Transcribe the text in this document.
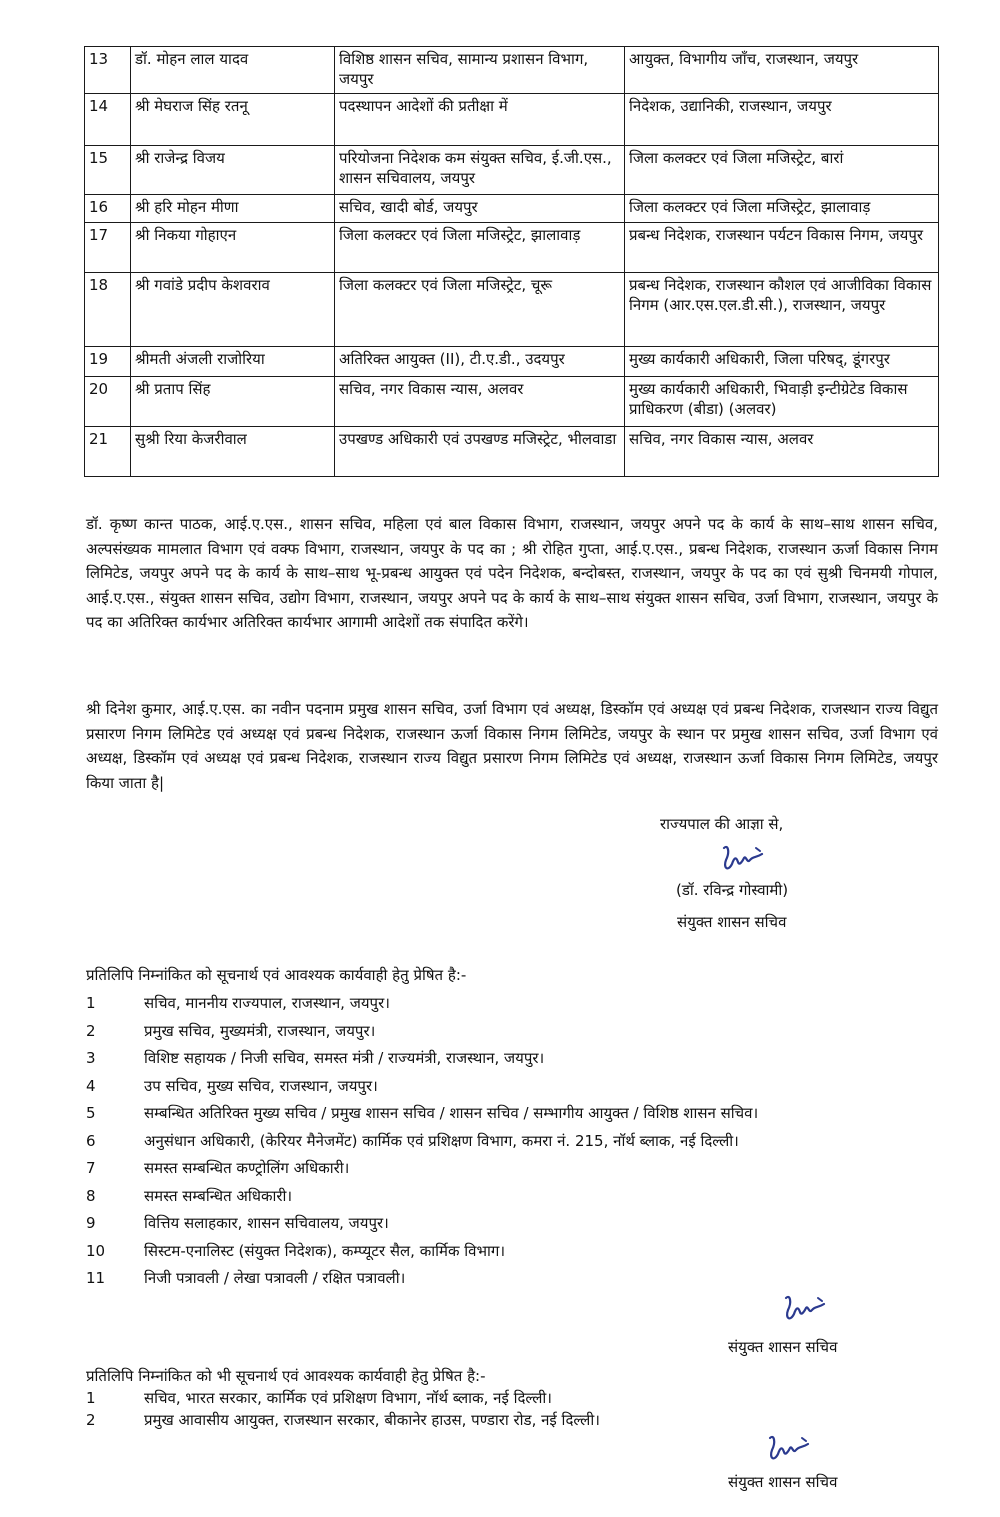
13	डॉ. मोहन लाल यादव	विशिष्ठ शासन सचिव, सामान्य प्रशासन विभाग, जयपुर	आयुक्त, विभागीय जाँच, राजस्थान, जयपुर
14	श्री मेघराज सिंह रतनू	पदस्थापन आदेशों की प्रतीक्षा में	निदेशक, उद्यानिकी, राजस्थान, जयपुर
15	श्री राजेन्द्र विजय	परियोजना निदेशक कम संयुक्त सचिव, ई.जी.एस., शासन सचिवालय, जयपुर	जिला कलक्टर एवं जिला मजिस्ट्रेट, बारां
16	श्री हरि मोहन मीणा	सचिव, खादी बोर्ड, जयपुर	जिला कलक्टर एवं जिला मजिस्ट्रेट, झालावाड़
17	श्री निकया गोहाएन	जिला कलक्टर एवं जिला मजिस्ट्रेट, झालावाड़	प्रबन्ध निदेशक, राजस्थान पर्यटन विकास निगम, जयपुर
18	श्री गवांडे प्रदीप केशवराव	जिला कलक्टर एवं जिला मजिस्ट्रेट, चूरू	प्रबन्ध निदेशक, राजस्थान कौशल एवं आजीविका विकास निगम (आर.एस.एल.डी.सी.), राजस्थान, जयपुर
19	श्रीमती अंजली राजोरिया	अतिरिक्त आयुक्त (II), टी.ए.डी., उदयपुर	मुख्य कार्यकारी अधिकारी, जिला परिषद्, डूंगरपुर
20	श्री प्रताप सिंह	सचिव, नगर विकास न्यास, अलवर	मुख्य कार्यकारी अधिकारी, भिवाड़ी इन्टीग्रेटेड विकास प्राधिकरण (बीडा) (अलवर)
21	सुश्री रिया केजरीवाल	उपखण्ड अधिकारी एवं उपखण्ड मजिस्ट्रेट, भीलवाडा	सचिव, नगर विकास न्यास, अलवर

डॉ. कृष्ण कान्त पाठक, आई.ए.एस., शासन सचिव, महिला एवं बाल विकास विभाग, राजस्थान, जयपुर अपने पद के कार्य के साथ–साथ शासन सचिव, अल्पसंख्यक मामलात विभाग एवं वक्फ विभाग, राजस्थान, जयपुर के पद का ; श्री रोहित गुप्ता, आई.ए.एस., प्रबन्ध निदेशक, राजस्थान ऊर्जा विकास निगम लिमिटेड, जयपुर अपने पद के कार्य के साथ–साथ भू-प्रबन्ध आयुक्त एवं पदेन निदेशक, बन्दोबस्त, राजस्थान, जयपुर के पद का एवं सुश्री चिनमयी गोपाल, आई.ए.एस., संयुक्त शासन सचिव, उद्योग विभाग, राजस्थान, जयपुर अपने पद के कार्य के साथ–साथ संयुक्त शासन सचिव, उर्जा विभाग, राजस्थान, जयपुर के पद का अतिरिक्त कार्यभार अतिरिक्त कार्यभार आगामी आदेशों तक संपादित करेंगे।

श्री दिनेश कुमार, आई.ए.एस. का नवीन पदनाम प्रमुख शासन सचिव, उर्जा विभाग एवं अध्यक्ष, डिस्कॉम एवं अध्यक्ष एवं प्रबन्ध निदेशक, राजस्थान राज्य विद्युत प्रसारण निगम लिमिटेड एवं अध्यक्ष एवं प्रबन्ध निदेशक, राजस्थान ऊर्जा विकास निगम लिमिटेड, जयपुर के स्थान पर प्रमुख शासन सचिव, उर्जा विभाग एवं अध्यक्ष, डिस्कॉम एवं अध्यक्ष एवं प्रबन्ध निदेशक, राजस्थान राज्य विद्युत प्रसारण निगम लिमिटेड एवं अध्यक्ष, राजस्थान ऊर्जा विकास निगम लिमिटेड, जयपुर किया जाता है|

राज्यपाल की आज्ञा से,
(डॉ. रविन्द्र गोस्वामी)
संयुक्त शासन सचिव
प्रतिलिपि निम्नांकित को सूचनार्थ एवं आवश्यक कार्यवाही हेतु प्रेषित है:-
1	सचिव, माननीय राज्यपाल, राजस्थान, जयपुर।
2	प्रमुख सचिव, मुख्यमंत्री, राजस्थान, जयपुर।
3	विशिष्ट सहायक / निजी सचिव, समस्त मंत्री / राज्यमंत्री, राजस्थान, जयपुर।
4	उप सचिव, मुख्य सचिव, राजस्थान, जयपुर।
5	सम्बन्धित अतिरिक्त मुख्य सचिव / प्रमुख शासन सचिव / शासन सचिव / सम्भागीय आयुक्त / विशिष्ठ शासन सचिव।
6	अनुसंधान अधिकारी, (केरियर मैनेजमेंट) कार्मिक एवं प्रशिक्षण विभाग, कमरा नं. 215, नॉर्थ ब्लाक, नई दिल्ली।
7	समस्त सम्बन्धित कण्ट्रोलिंग अधिकारी।
8	समस्त सम्बन्धित अधिकारी।
9	वित्तिय सलाहकार, शासन सचिवालय, जयपुर।
10	सिस्टम-एनालिस्ट (संयुक्त निदेशक), कम्प्यूटर सैल, कार्मिक विभाग।
11	निजी पत्रावली / लेखा पत्रावली / रक्षित पत्रावली।
संयुक्त शासन सचिव
प्रतिलिपि निम्नांकित को भी सूचनार्थ एवं आवश्यक कार्यवाही हेतु प्रेषित है:-
1	सचिव, भारत सरकार, कार्मिक एवं प्रशिक्षण विभाग, नॉर्थ ब्लाक, नई दिल्ली।
2	प्रमुख आवासीय आयुक्त, राजस्थान सरकार, बीकानेर हाउस, पण्डारा रोड, नई दिल्ली।
संयुक्त शासन सचिव
